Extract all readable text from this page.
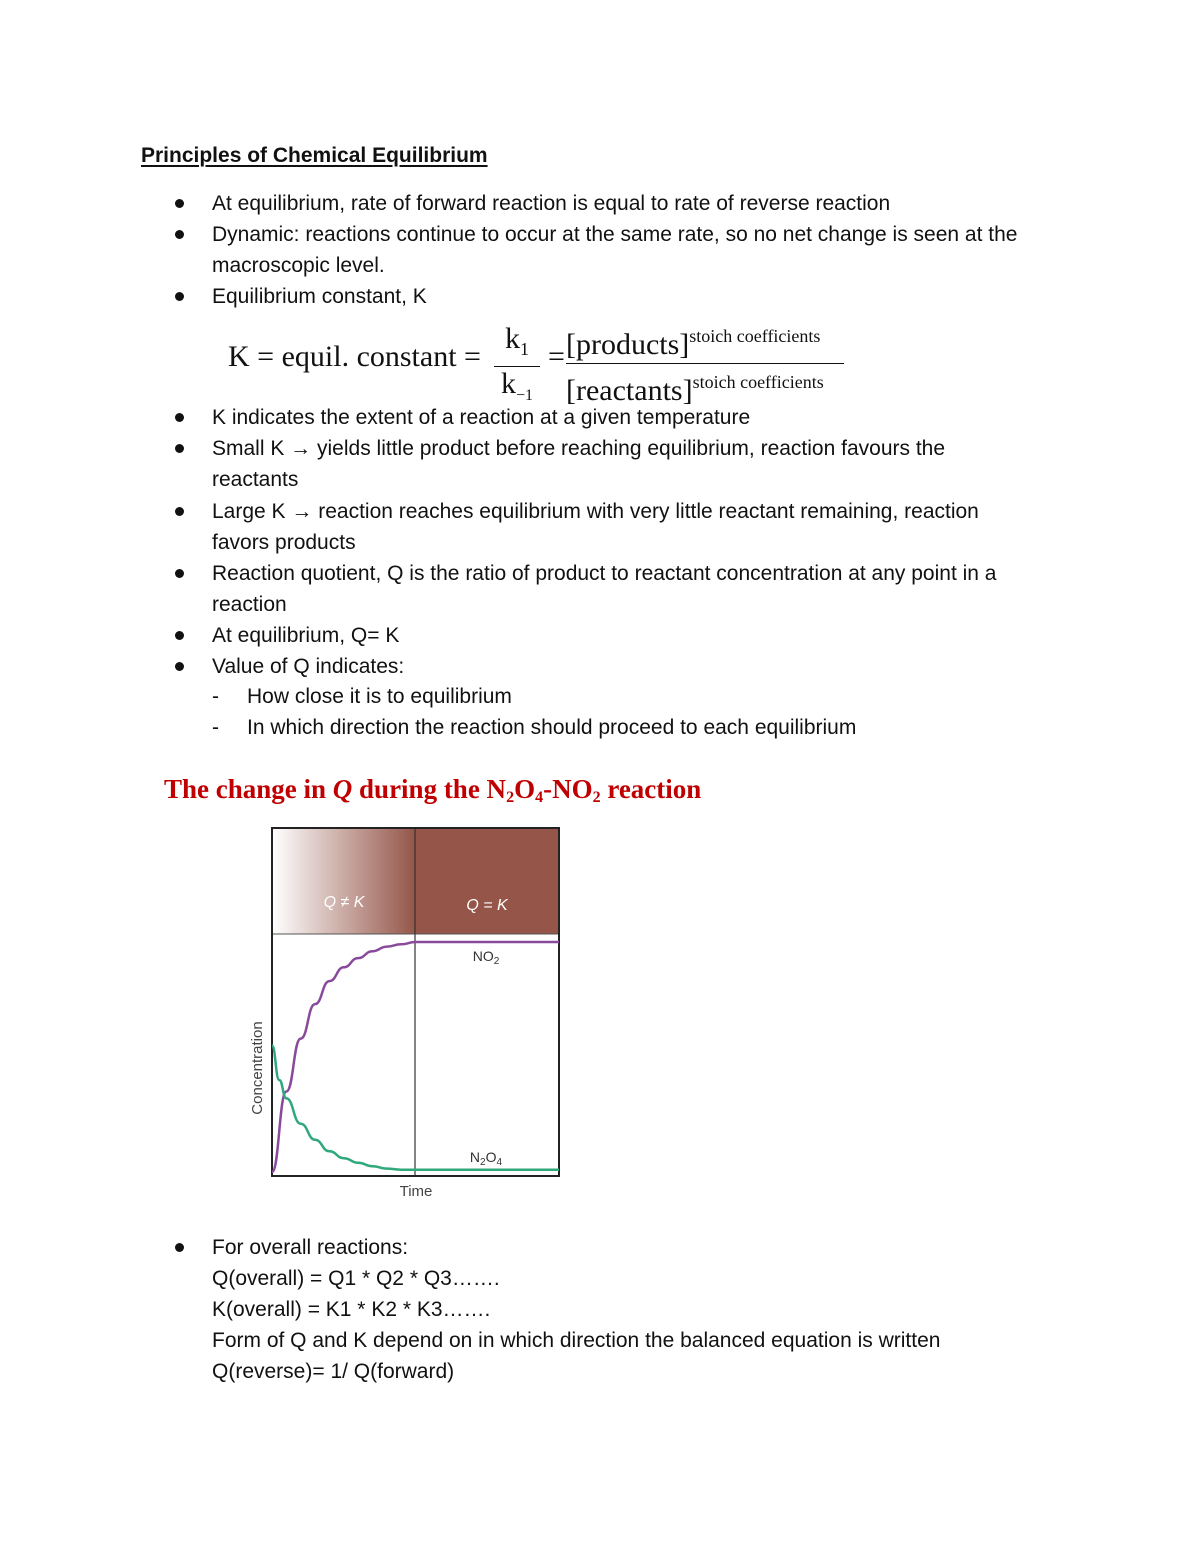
Principles of Chemical Equilibrium
At equilibrium, rate of forward reaction is equal to rate of reverse reaction
Dynamic: reactions continue to occur at the same rate, so no net change is seen at the macroscopic level.
Equilibrium constant, K
K = equil. constant =
$k_1$
$k_{-1}$
= [products]$^{stoich coefficients}$
[reactants]$^{stoich coefficients}$
K indicates the extent of a reaction at a given temperature
Small K → yields little product before reaching equilibrium, reaction favours the reactants
Large K → reaction reaches equilibrium with very little reactant remaining, reaction favors products
Reaction quotient, Q is the ratio of product to reactant concentration at any point in a reaction
At equilibrium, Q= K
Value of Q indicates:
- How close it is to equilibrium
- In which direction the reaction should proceed to each equilibrium
The change in Q during the $N_2O_4-NO_2$ reaction
Q ≠ K	Q = K
$NO_2$
$N_2O_4$
Time
Concentration
For overall reactions:
Q(overall) = Q1 * Q2 * Q3…….
K(overall) = K1 * K2 * K3…….
Form of Q and K depend on in which direction the balanced equation is written
Q(reverse)= 1/ Q(forward)
